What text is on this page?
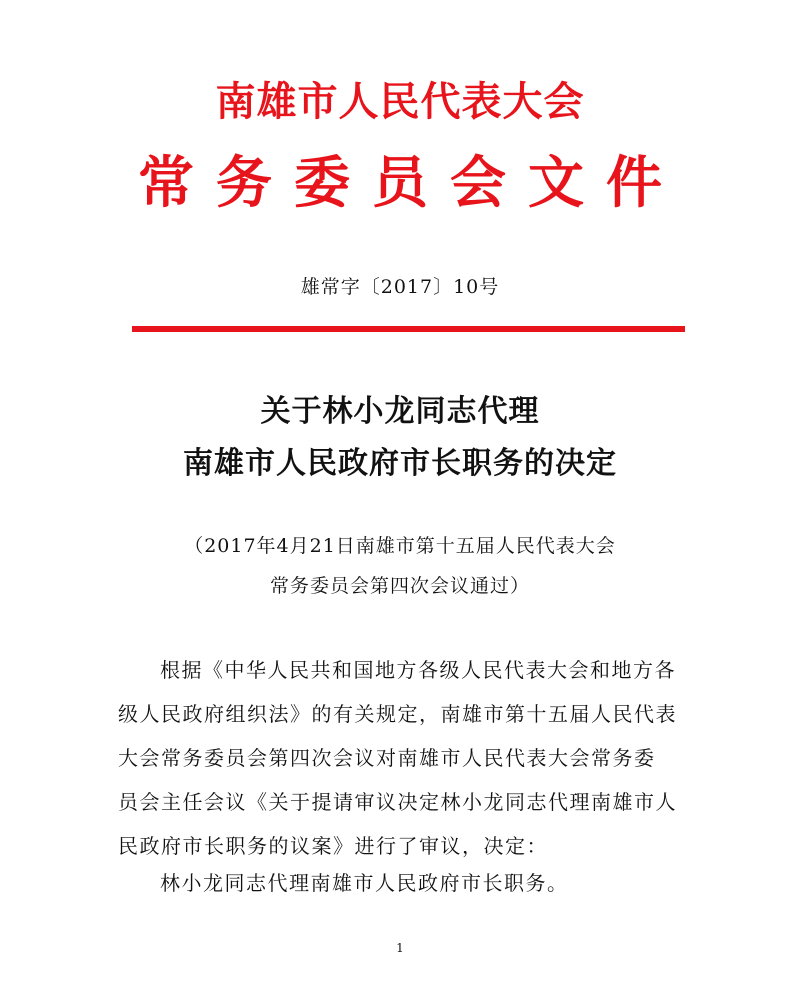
南雄市人民代表大会
常务委员会文件
雄常字〔2017〕10号
关于林小龙同志代理
南雄市人民政府市长职务的决定
（2017年4月21日南雄市第十五届人民代表大会
常务委员会第四次会议通过）
根据《中华人民共和国地方各级人民代表大会和地方各
级人民政府组织法》的有关规定，南雄市第十五届人民代表
大会常务委员会第四次会议对南雄市人民代表大会常务委
员会主任会议《关于提请审议决定林小龙同志代理南雄市人
民政府市长职务的议案》进行了审议，决定：
林小龙同志代理南雄市人民政府市长职务。
1
